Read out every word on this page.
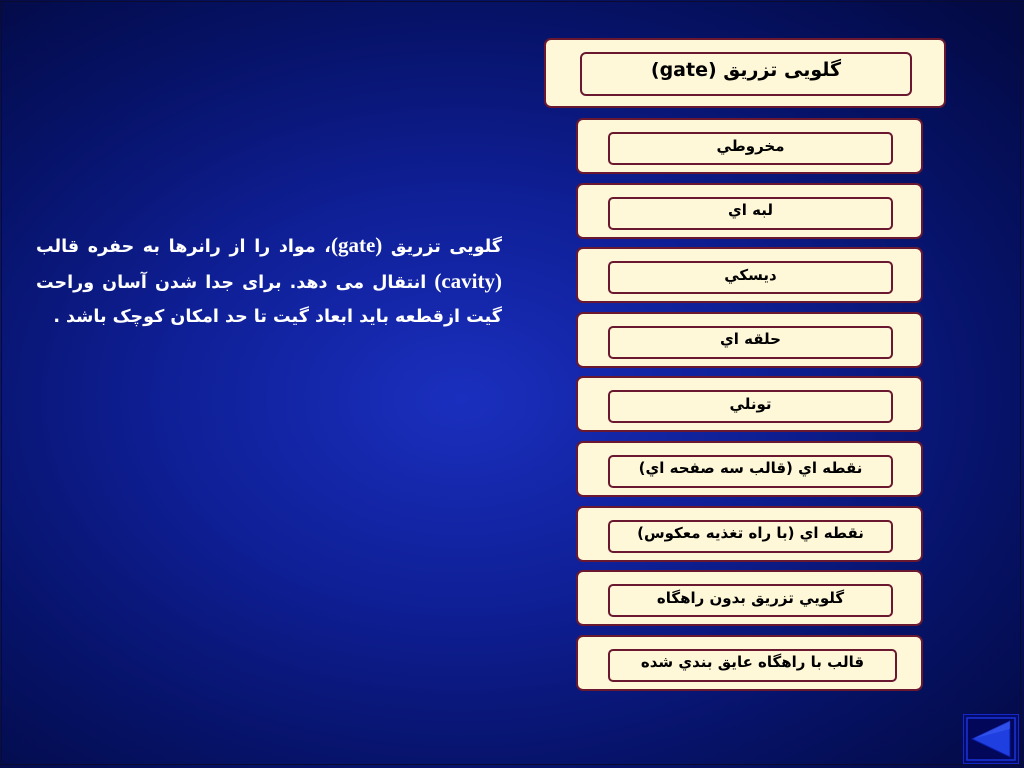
گلویی تزریق (gate)
گلویی تزریق (gate)، مواد را از رانرها به حفره قالب (cavity) انتقال می دهد. برای جدا شدن آسان وراحت گیت ازقطعه باید ابعاد گیت تا حد امکان کوچک باشد .
مخروطي
لبه اي
ديسكي
حلقه اي
تونلي
نقطه اي (قالب سه صفحه اي)
نقطه اي (با راه تغذيه معكوس)
گلويي تزريق بدون راهگاه
قالب با راهگاه عايق بندي شده
